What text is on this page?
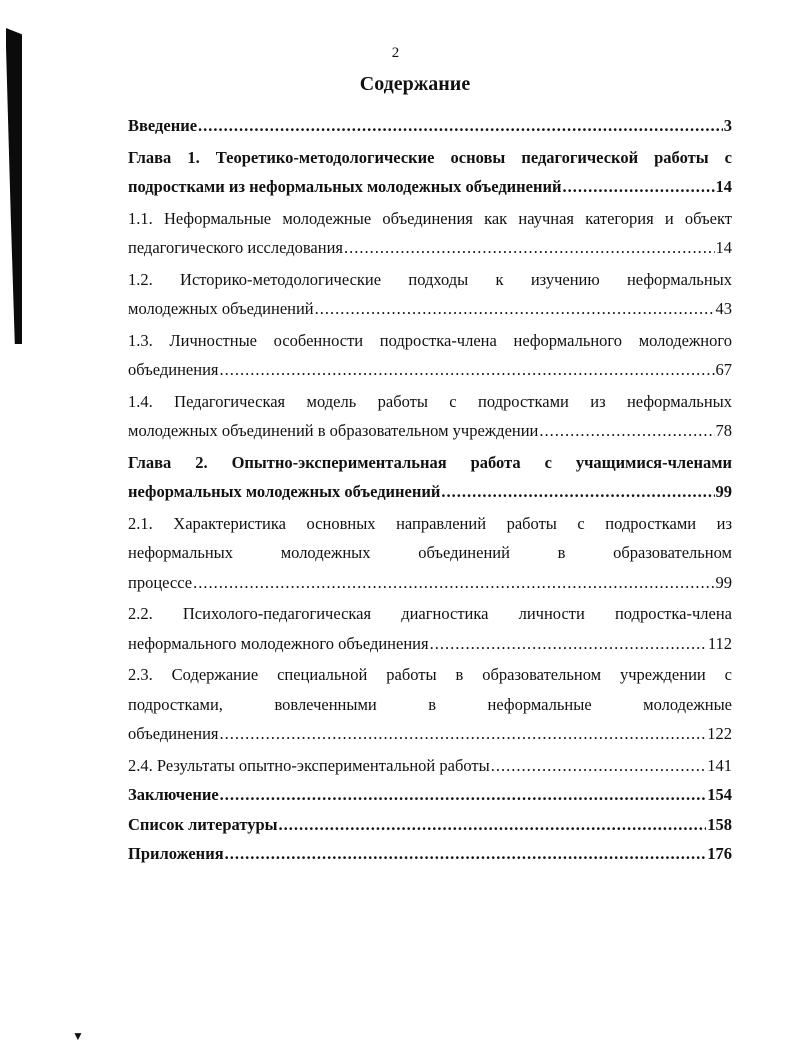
▼
2
Содержание
Введение .....	3
Глава 1. Теоретико-методологические основы педагогической работы с
подростками из неформальных молодежных объединений .....	14
1.1. Неформальные молодежные объединения как научная категория и объект
педагогического исследования .....	14
1.2. Историко-методологические подходы к изучению неформальных
молодежных объединений .....	43
1.3. Личностные особенности подростка-члена неформального молодежного
объединения .....	67
1.4. Педагогическая модель работы с подростками из неформальных
молодежных объединений в образовательном учреждении .....	78
Глава 2. Опытно-экспериментальная работа с учащимися-членами
неформальных молодежных объединений .....	99
2.1. Характеристика основных направлений работы с подростками из
неформальных молодежных объединений в образовательном
процессе .....	99
2.2. Психолого-педагогическая диагностика личности подростка-члена
неформального молодежного объединения .....	112
2.3. Содержание специальной работы в образовательном учреждении с
подростками, вовлеченными в неформальные молодежные
объединения .....	122
2.4. Результаты опытно-экспериментальной работы .....	141
Заключение .....	154
Список литературы .....	158
Приложения .....	176
